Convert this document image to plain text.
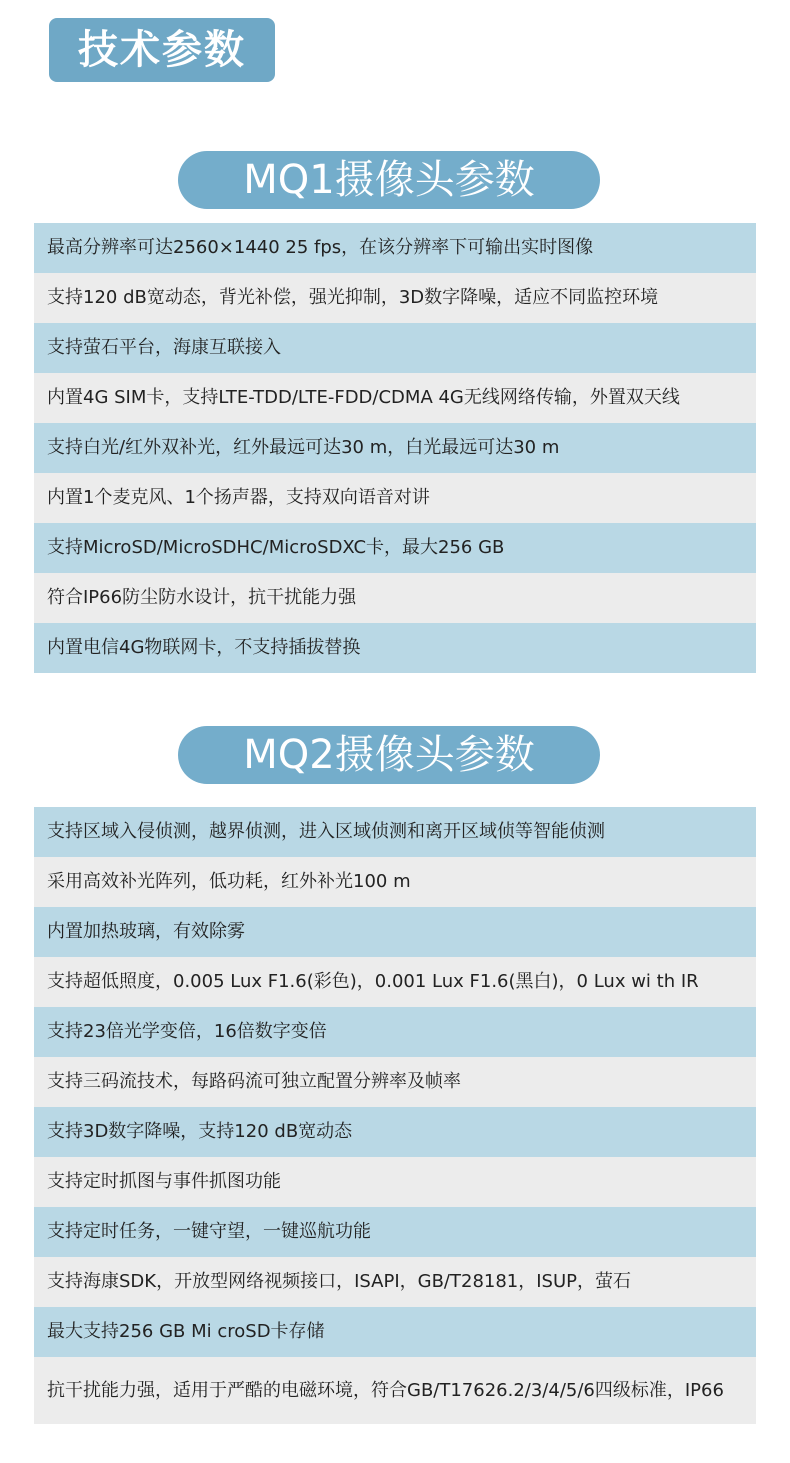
技术参数
MQ1摄像头参数
最高分辨率可达2560×1440 25 fps，在该分辨率下可输出实时图像
支持120 dB宽动态，背光补偿，强光抑制，3D数字降噪，适应不同监控环境
支持萤石平台，海康互联接入
内置4G SIM卡，支持LTE-TDD/LTE-FDD/CDMA 4G无线网络传输，外置双天线
支持白光/红外双补光，红外最远可达30 m，白光最远可达30 m
内置1个麦克风、1个扬声器，支持双向语音对讲
支持MicroSD/MicroSDHC/MicroSDXC卡，最大256 GB
符合IP66防尘防水设计，抗干扰能力强
内置电信4G物联网卡，不支持插拔替换
MQ2摄像头参数
支持区域入侵侦测，越界侦测，进入区域侦测和离开区域侦等智能侦测
采用高效补光阵列，低功耗，红外补光100 m
内置加热玻璃，有效除雾
支持超低照度，0.005 Lux F1.6(彩色)，0.001 Lux F1.6(黑白)，0 Lux wi th IR
支持23倍光学变倍，16倍数字变倍
支持三码流技术，每路码流可独立配置分辨率及帧率
支持3D数字降噪，支持120 dB宽动态
支持定时抓图与事件抓图功能
支持定时任务，一键守望，一键巡航功能
支持海康SDK，开放型网络视频接口，ISAPI，GB/T28181，ISUP，萤石
最大支持256 GB Mi croSD卡存储
抗干扰能力强，适用于严酷的电磁环境，符合GB/T17626.2/3/4/5/6四级标准，IP66
